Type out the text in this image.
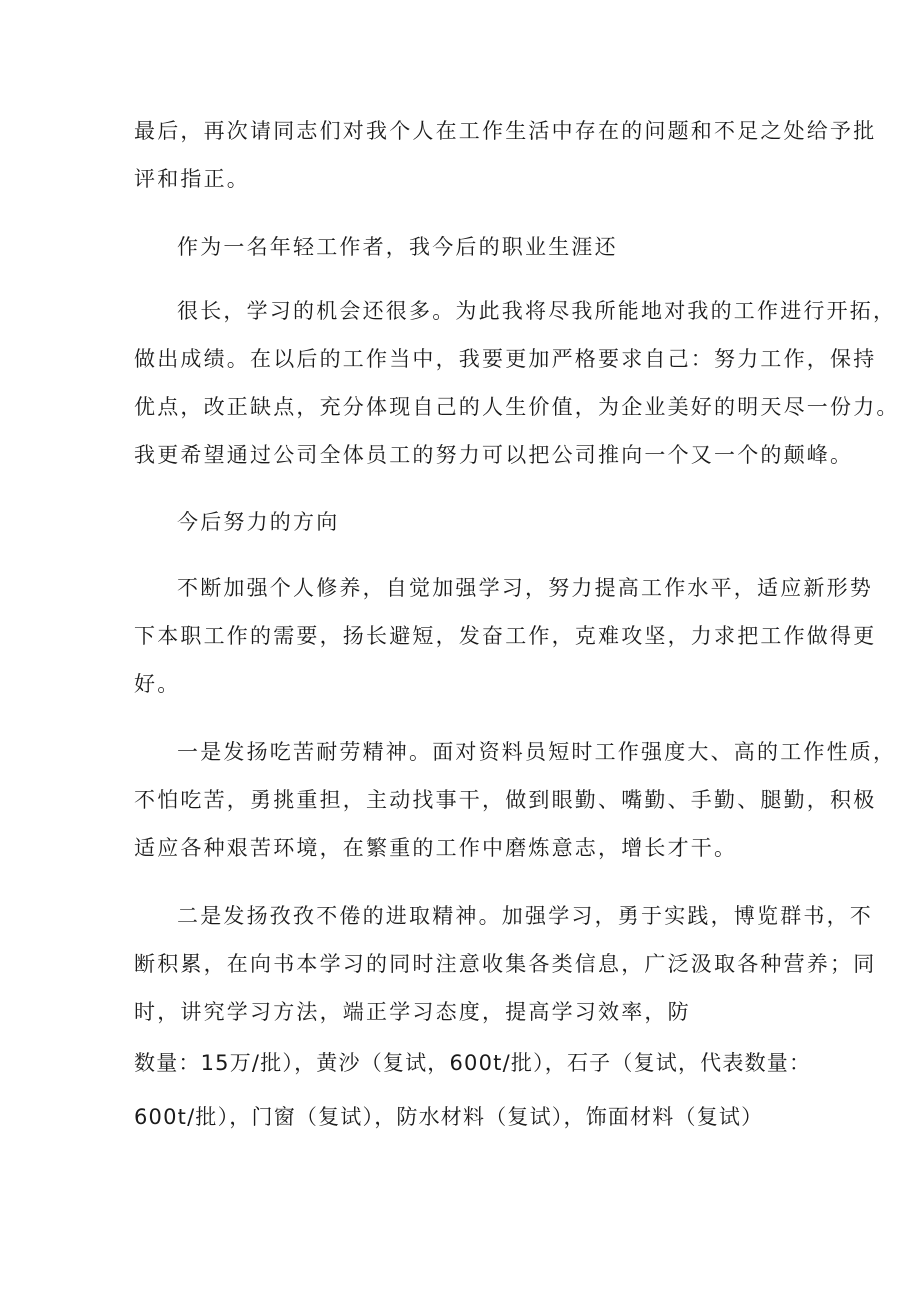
最后，再次请同志们对我个人在工作生活中存在的问题和不足之处给予批
评和指正。
作为一名年轻工作者，我今后的职业生涯还
很长，学习的机会还很多。为此我将尽我所能地对我的工作进行开拓，
做出成绩。在以后的工作当中，我要更加严格要求自己：努力工作，保持
优点，改正缺点，充分体现自己的人生价值，为企业美好的明天尽一份力。
我更希望通过公司全体员工的努力可以把公司推向一个又一个的颠峰。
今后努力的方向
不断加强个人修养，自觉加强学习，努力提高工作水平，适应新形势
下本职工作的需要，扬长避短，发奋工作，克难攻坚，力求把工作做得更
好。
一是发扬吃苦耐劳精神。面对资料员短时工作强度大、高的工作性质，
不怕吃苦，勇挑重担，主动找事干，做到眼勤、嘴勤、手勤、腿勤，积极
适应各种艰苦环境，在繁重的工作中磨炼意志，增长才干。
二是发扬孜孜不倦的进取精神。加强学习，勇于实践，博览群书，不
断积累，在向书本学习的同时注意收集各类信息，广泛汲取各种营养；同
时，讲究学习方法，端正学习态度，提高学习效率，防
数量：15万/批），黄沙（复试，600t/批），石子（复试，代表数量：
600t/批），门窗（复试），防水材料（复试），饰面材料（复试）
